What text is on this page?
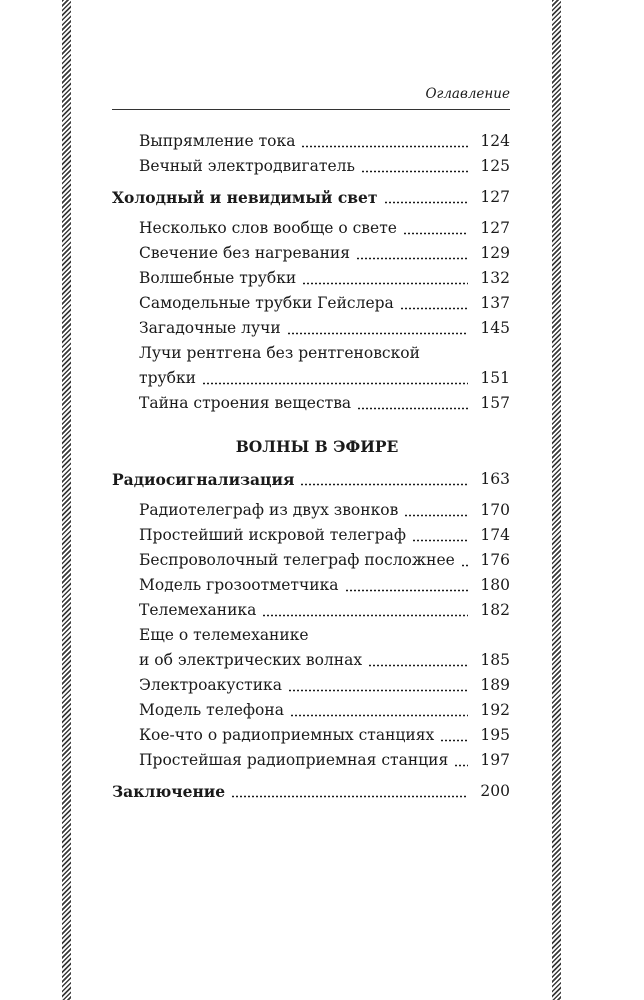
Оглавление
Выпрямление тока	124
Вечный электродвигатель	125
Холодный и невидимый свет	127
Несколько слов вообще о свете	127
Свечение без нагревания	129
Волшебные трубки	132
Самодельные трубки Гейслера	137
Загадочные лучи	145
Лучи рентгена без рентгеновской
трубки	151
Тайна строения вещества	157
ВОЛНЫ В ЭФИРЕ
Радиосигнализация	163
Радиотелеграф из двух звонков	170
Простейший искровой телеграф	174
Беспроволочный телеграф посложнее 176
Модель грозоотметчика	180
Телемеханика	182
Еще о телемеханике
и об электрических волнах	185
Электроакустика	189
Модель телефона	192
Кое-что о радиоприемных станциях	195
Простейшая радиоприемная станция 197
Заключение	200
